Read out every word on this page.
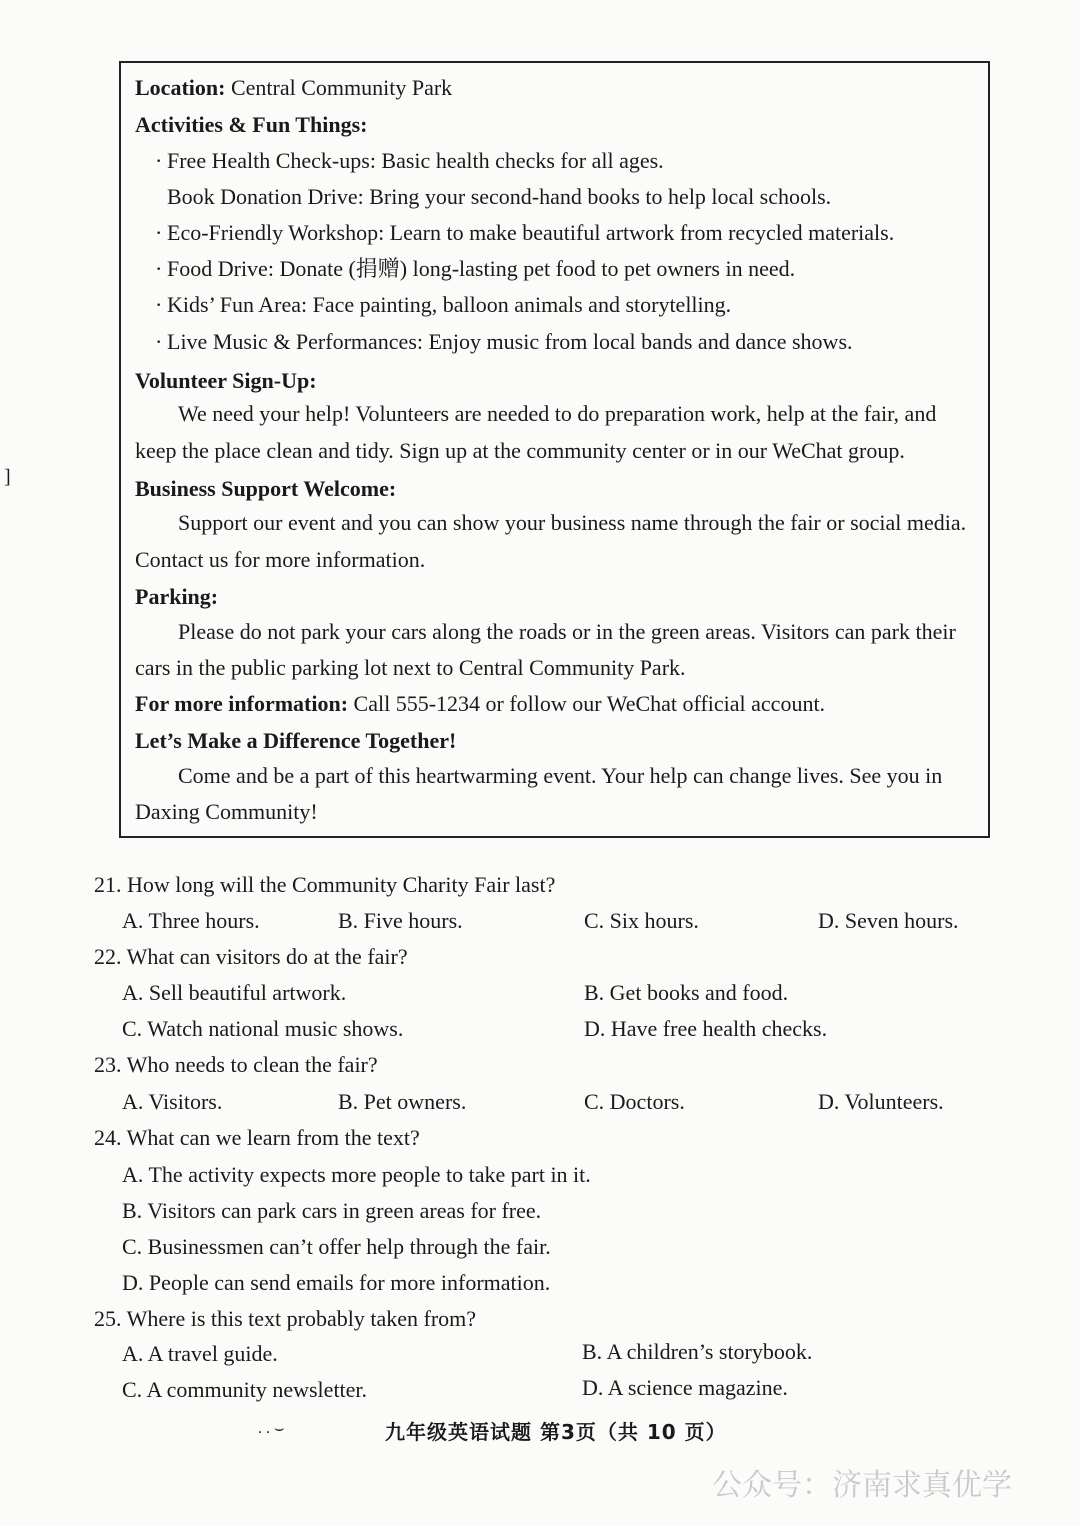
]
Location: Central Community Park
Activities & Fun Things:
· Free Health Check-ups: Basic health checks for all ages.
Book Donation Drive: Bring your second-hand books to help local schools.
· Eco-Friendly Workshop: Learn to make beautiful artwork from recycled materials.
· Food Drive: Donate (捐赠) long-lasting pet food to pet owners in need.
· Kids’ Fun Area: Face painting, balloon animals and storytelling.
· Live Music & Performances: Enjoy music from local bands and dance shows.
Volunteer Sign-Up:
We need your help! Volunteers are needed to do preparation work, help at the fair, and
keep the place clean and tidy. Sign up at the community center or in our WeChat group.
Business Support Welcome:
Support our event and you can show your business name through the fair or social media.
Contact us for more information.
Parking:
Please do not park your cars along the roads or in the green areas. Visitors can park their
cars in the public parking lot next to Central Community Park.
For more information: Call 555-1234 or follow our WeChat official account.
Let’s Make a Difference Together!
Come and be a part of this heartwarming event. Your help can change lives. See you in
Daxing Community!
21. How long will the Community Charity Fair last?
A. Three hours.	B. Five hours.	C. Six hours.	D. Seven hours.
22. What can visitors do at the fair?
A. Sell beautiful artwork.	B. Get books and food.
C. Watch national music shows.	D. Have free health checks.
23. Who needs to clean the fair?
A. Visitors.	B. Pet owners.	C. Doctors.	D. Volunteers.
24. What can we learn from the text?
A. The activity expects more people to take part in it.
B. Visitors can park cars in green areas for free.
C. Businessmen can’t offer help through the fair.
D. People can send emails for more information.
25. Where is this text probably taken from?
A. A travel guide.	B. A children’s storybook.
C. A community newsletter.	D. A science magazine.
. . ⌣	九年级英语试题 第3页（共 10 页）
公众号：济南求真优学
